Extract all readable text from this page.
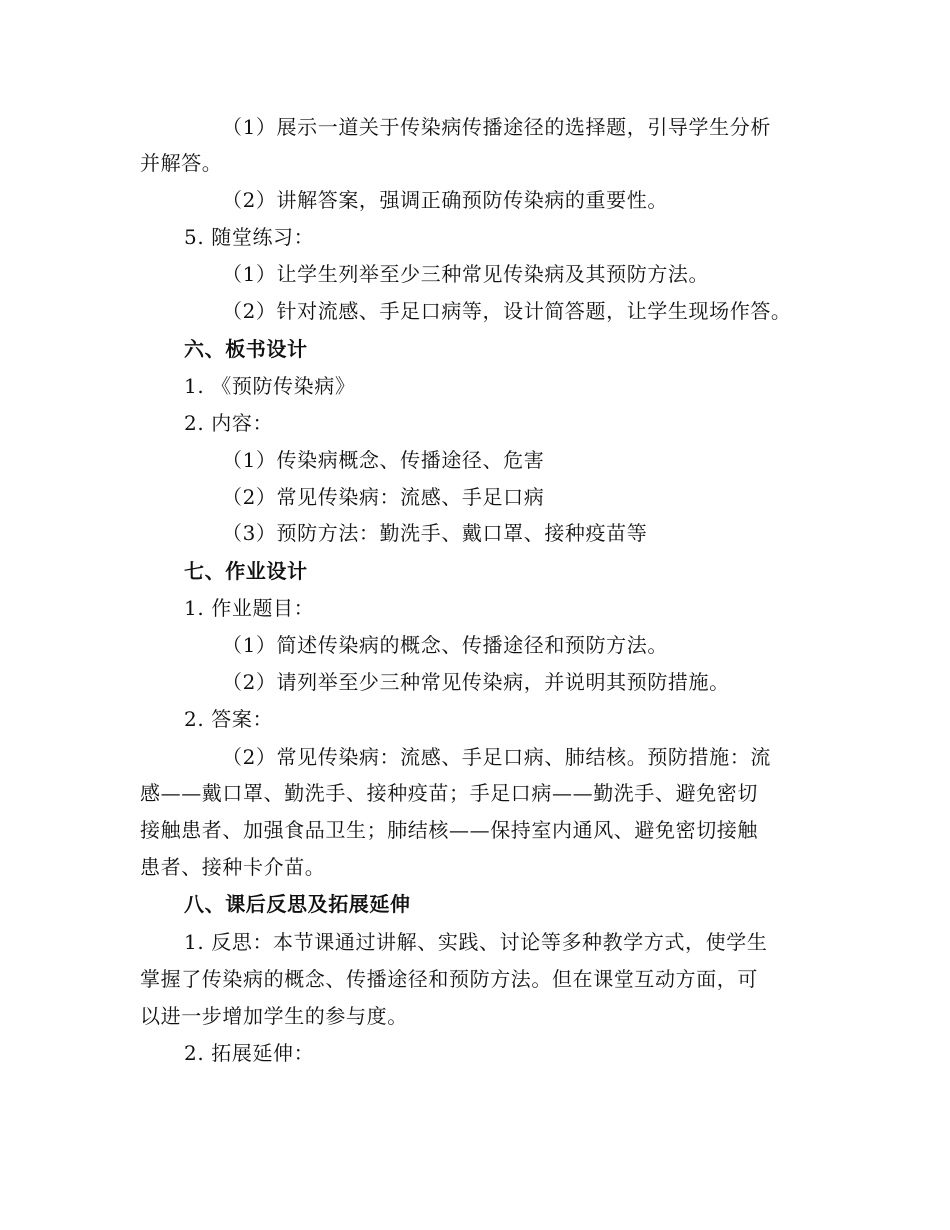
（1）展示一道关于传染病传播途径的选择题，引导学生分析
并解答。
（2）讲解答案，强调正确预防传染病的重要性。
5. 随堂练习：
（1）让学生列举至少三种常见传染病及其预防方法。
（2）针对流感、手足口病等，设计简答题，让学生现场作答。
六、板书设计
1. 《预防传染病》
2. 内容：
（1）传染病概念、传播途径、危害
（2）常见传染病：流感、手足口病
（3）预防方法：勤洗手、戴口罩、接种疫苗等
七、作业设计
1. 作业题目：
（1）简述传染病的概念、传播途径和预防方法。
（2）请列举至少三种常见传染病，并说明其预防措施。
2. 答案：
（2）常见传染病：流感、手足口病、肺结核。预防措施：流
感——戴口罩、勤洗手、接种疫苗；手足口病——勤洗手、避免密切
接触患者、加强食品卫生；肺结核——保持室内通风、避免密切接触
患者、接种卡介苗。
八、课后反思及拓展延伸
1. 反思：本节课通过讲解、实践、讨论等多种教学方式，使学生
掌握了传染病的概念、传播途径和预防方法。但在课堂互动方面，可
以进一步增加学生的参与度。
2. 拓展延伸：
